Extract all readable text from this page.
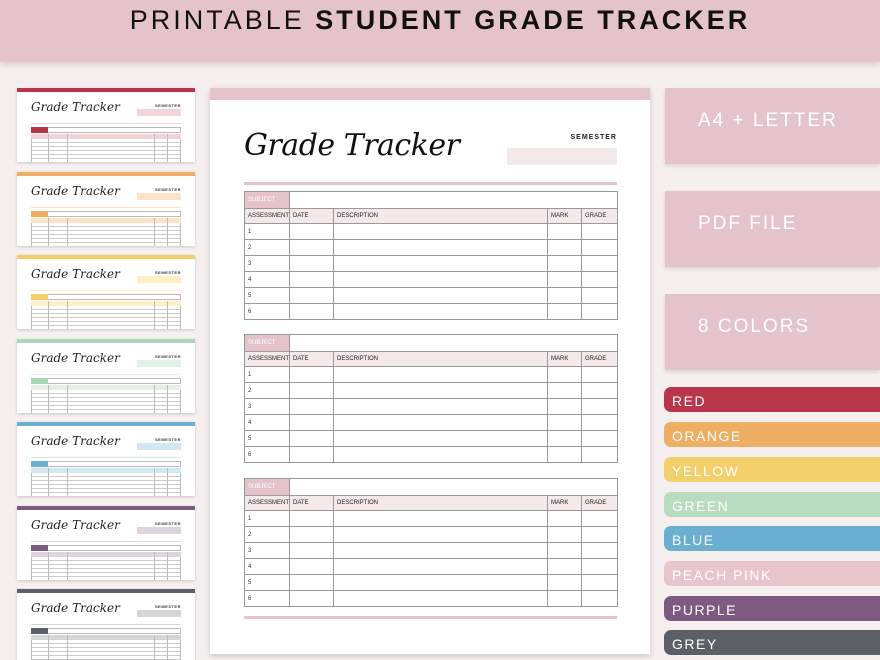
PRINTABLE STUDENT GRADE TRACKER
Grade Tracker	SEMESTER
Grade Tracker	SEMESTER
Grade Tracker	SEMESTER
Grade Tracker	SEMESTER
Grade Tracker	SEMESTER
Grade Tracker	SEMESTER
Grade Tracker	SEMESTER
Grade Tracker	SEMESTER
SUBJECT				
ASSESSMENT	DATE	DESCRIPTION	MARK	GRADE
1				
2				
3				
4				
5				
6				
SUBJECT				
ASSESSMENT	DATE	DESCRIPTION	MARK	GRADE
1				
2				
3				
4				
5				
6				
SUBJECT				
ASSESSMENT	DATE	DESCRIPTION	MARK	GRADE
1				
2				
3				
4				
5				
6				
A4 + LETTER
PDF FILE
8 COLORS
RED
ORANGE
YELLOW
GREEN
BLUE
PEACH PINK
PURPLE
GREY
